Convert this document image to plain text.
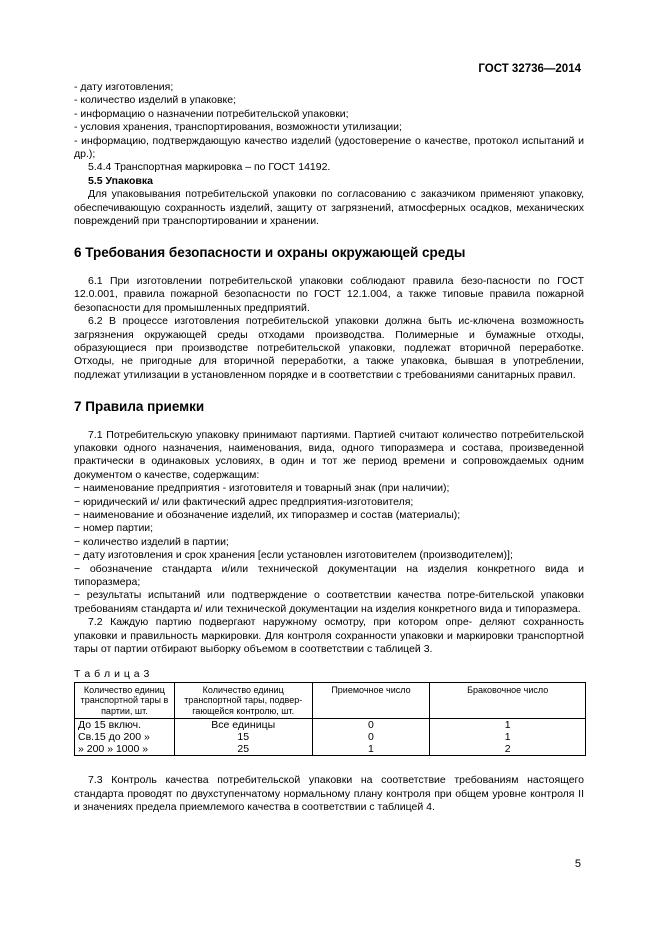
ГОСТ 32736—2014

- дату изготовления;

- количество изделий в упаковке;

- информацию о назначении потребительской упаковки;

- условия хранения, транспортирования, возможности утилизации;

- информацию, подтверждающую качество изделий (удостоверение о качестве, протокол испытаний и др.);

5.4.4 Транспортная маркировка – по ГОСТ 14192.

5.5 Упаковка

Для упаковывания потребительской упаковки по согласованию с заказчиком применяют упаковку, обеспечивающую сохранность изделий, защиту от загрязнений, атмосферных осадков, механических повреждений при транспортировании и хранении.

6 Требования безопасности и охраны окружающей среды

6.1 При изготовлении потребительской упаковки соблюдают правила безо-пасности по ГОСТ 12.0.001, правила пожарной безопасности по ГОСТ 12.1.004, а также типовые правила пожарной безопасности для промышленных предприятий.

6.2 В процессе изготовления потребительской упаковки должна быть ис-ключена возможность загрязнения окружающей среды отходами производства. Полимерные и бумажные отходы, образующиеся при производстве потребительской упаковки, подлежат вторичной переработке. Отходы, не пригодные для вторичной переработки, а также упаковка, бывшая в употреблении, подлежат утилизации в установленном порядке и в соответствии с требованиями санитарных правил.

7 Правила приемки

7.1 Потребительскую упаковку принимают партиями. Партией считают количество потребительской упаковки одного назначения, наименования, вида, одного типоразмера и состава, произведенной практически в одинаковых условиях, в один и тот же период времени и сопровождаемых одним документом о качестве, содержащим:

− наименование предприятия - изготовителя и товарный знак (при наличии);

− юридический и/ или фактический адрес предприятия-изготовителя;

− наименование и обозначение изделий, их типоразмер и состав (материалы);

− номер партии;

− количество изделий в партии;

− дату изготовления и срок хранения [если установлен изготовителем (производителем)];

− обозначение стандарта и/или технической документации на изделия конкретного вида и типоразмера;

− результаты испытаний или подтверждение о соответствии качества потре-бительской упаковки требованиям стандарта и/ или технической документации на изделия конкретного вида и типоразмера.

7.2 Каждую партию подвергают наружному осмотру, при котором опре- деляют сохранность упаковки и правильность маркировки. Для контроля сохранности упаковки и маркировки транспортной тары от партии отбирают выборку объемом в соответствии с таблицей 3.

Т а б л и ц а 3
Количество единиц транспортной тары в партии, шт.	Количество единиц транспортной тары, подвер-гающейся контролю, шт.	Приемочное число	Браковочное число
До 15 включ.	Все единицы	0	1
Св.15 до 200 »	15	0	1
» 200 » 1000 »	25	1	2

7.3 Контроль качества потребительской упаковки на соответствие требованиям настоящего стандарта проводят по двухступенчатому нормальному плану контроля при общем уровне контроля II и значениях предела приемлемого качества в соответствии с таблицей 4.

5
